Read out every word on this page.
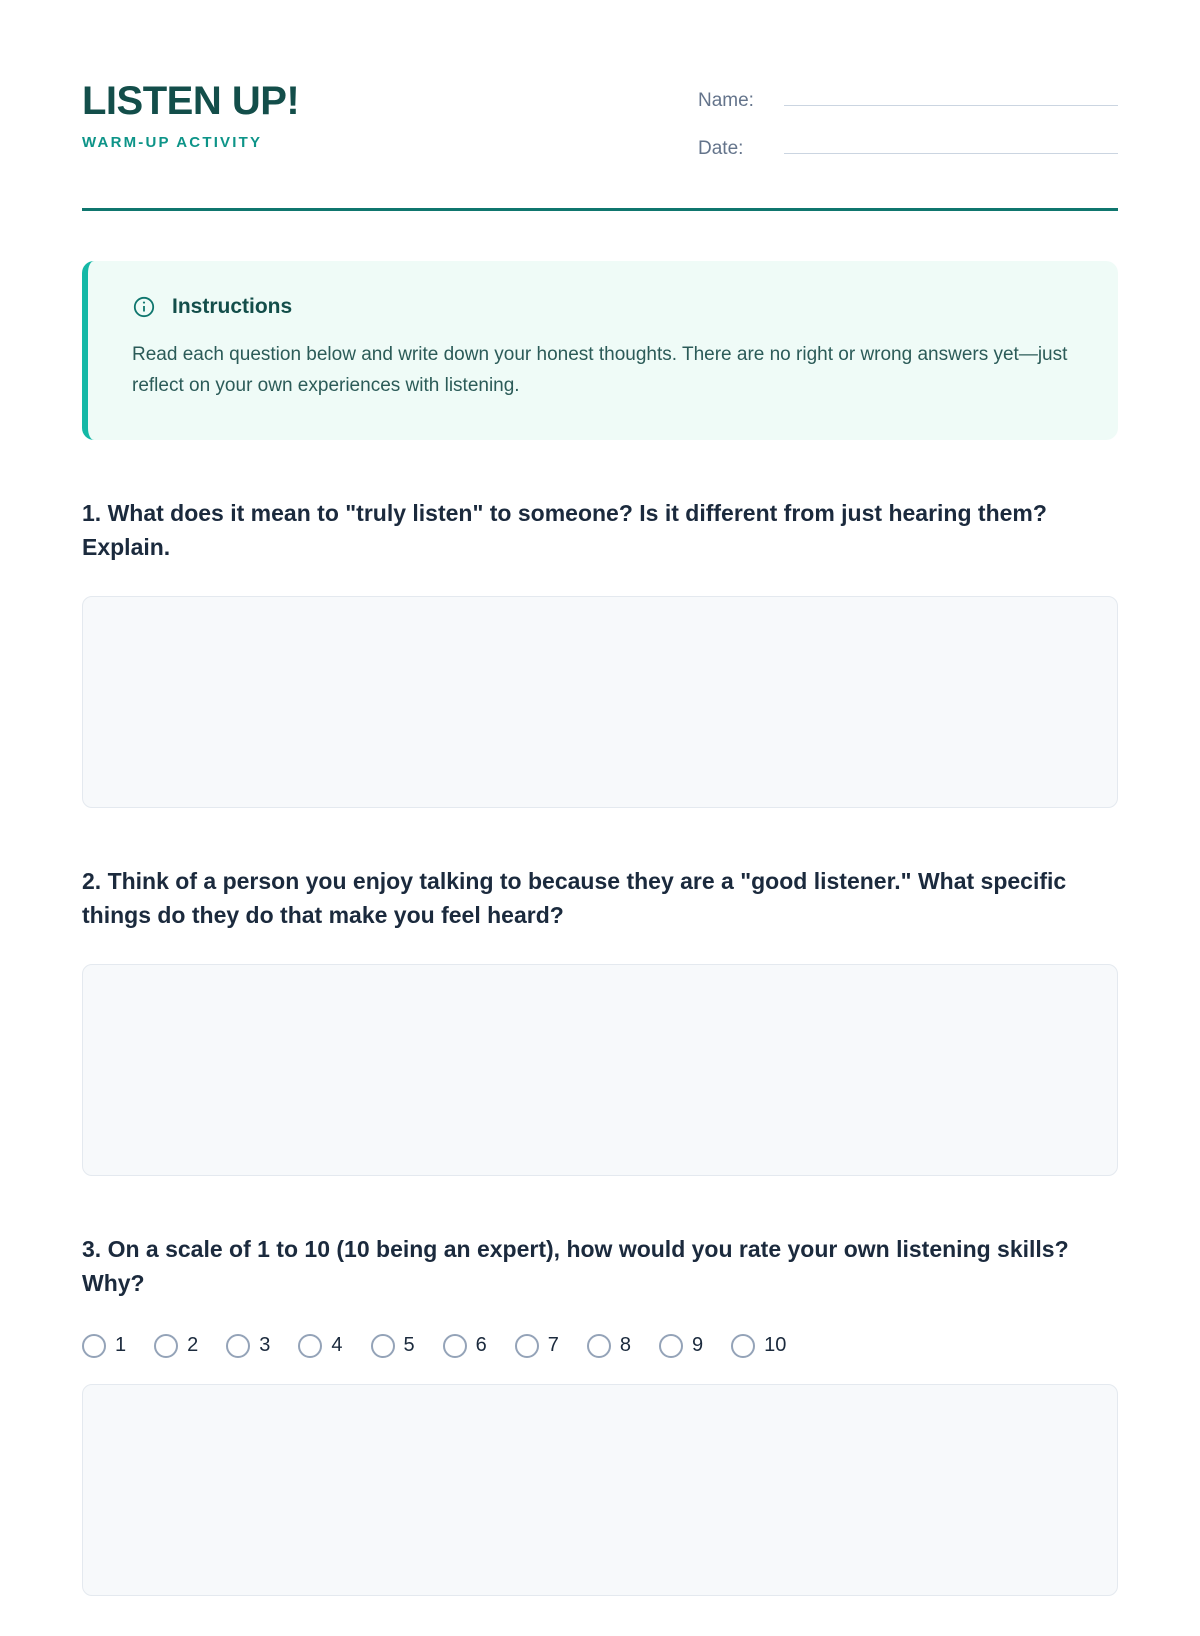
LISTEN UP!
WARM-UP ACTIVITY
Name:
Date:
Instructions
Read each question below and write down your honest thoughts. There are no right or wrong answers yet—just reflect on your own experiences with listening.
1. What does it mean to "truly listen" to someone? Is it different from just hearing them? Explain.
2. Think of a person you enjoy talking to because they are a "good listener." What specific things do they do that make you feel heard?
3. On a scale of 1 to 10 (10 being an expert), how would you rate your own listening skills? Why?
1	2	3	4	5	6	7	8	9	10
